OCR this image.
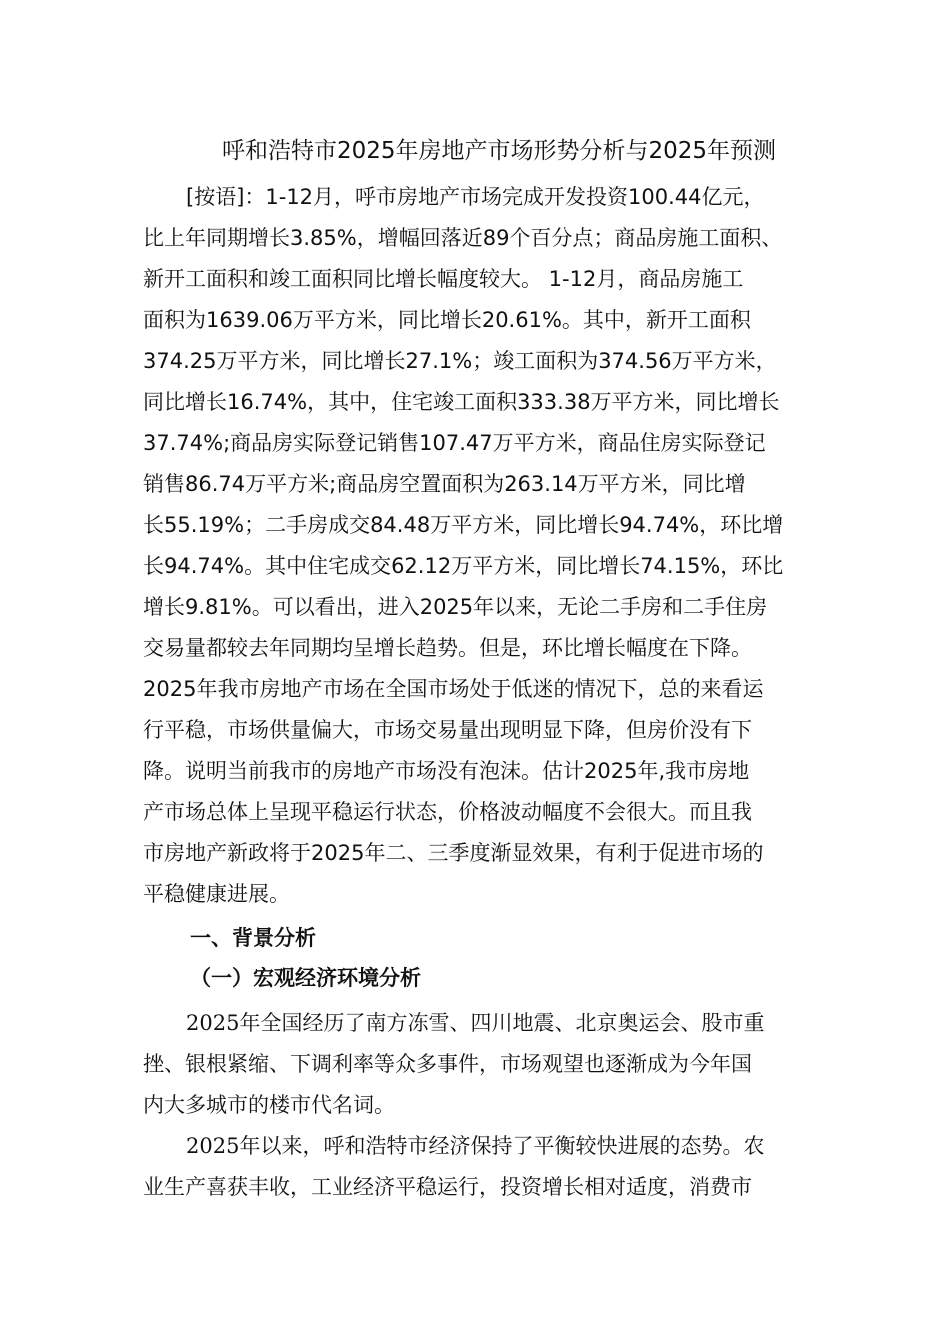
呼和浩特市2025年房地产市场形势分析与2025年预测
[按语]：1-12月，呼市房地产市场完成开发投资100.44亿元，
比上年同期增长3.85%，增幅回落近89个百分点；商品房施工面积、
新开工面积和竣工面积同比增长幅度较大。 1-12月，商品房施工
面积为1639.06万平方米，同比增长20.61%。其中，新开工面积
374.25万平方米，同比增长27.1%；竣工面积为374.56万平方米，
同比增长16.74%，其中，住宅竣工面积333.38万平方米，同比增长
37.74%;商品房实际登记销售107.47万平方米，商品住房实际登记
销售86.74万平方米;商品房空置面积为263.14万平方米，同比增
长55.19%；二手房成交84.48万平方米，同比增长94.74%，环比增
长94.74%。其中住宅成交62.12万平方米，同比增长74.15%，环比
增长9.81%。可以看出，进入2025年以来，无论二手房和二手住房
交易量都较去年同期均呈增长趋势。但是，环比增长幅度在下降。
2025年我市房地产市场在全国市场处于低迷的情况下，总的来看运
行平稳，市场供量偏大，市场交易量出现明显下降，但房价没有下
降。说明当前我市的房地产市场没有泡沫。估计2025年,我市房地
产市场总体上呈现平稳运行状态，价格波动幅度不会很大。而且我
市房地产新政将于2025年二、三季度渐显效果，有利于促进市场的
平稳健康进展。
一、背景分析
（一）宏观经济环境分析
2025年全国经历了南方冻雪、四川地震、北京奥运会、股市重
挫、银根紧缩、下调利率等众多事件，市场观望也逐渐成为今年国
内大多城市的楼市代名词。
2025年以来，呼和浩特市经济保持了平衡较快进展的态势。农
业生产喜获丰收，工业经济平稳运行，投资增长相对适度，消费市
